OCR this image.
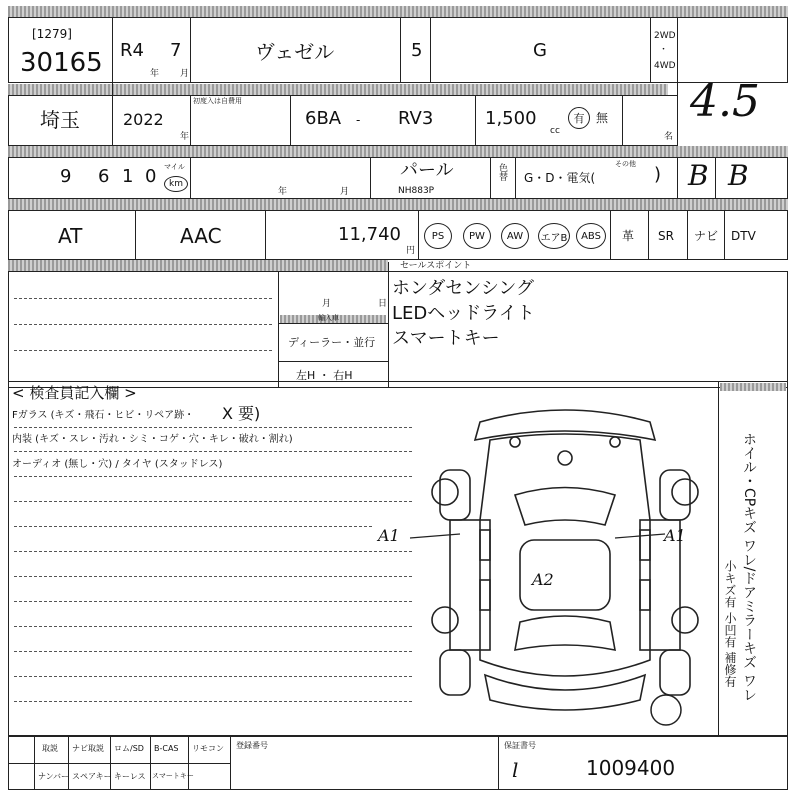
[1279]
30165 R4 7
年 月
ヴェゼル	5	G
2WD
・
4WD
埼玉
初度入は自費用
2022
年
6BA - RV3	1,500
cc
有 無
名
4.5
9 6 1 0 マイル
km
年	月
パール
NH883P
色替 G・D・電気(
その他 ) B B
AT	AAC	11,740
円
PS	PW	AW	エアB	ABS	革 SR ナビ DTV
月	日
輸入車
ディーラー・並行
左H ・ 右H
セールスポイント
ホンダセンシング
LEDヘッドライト
スマートキー
< 検査員記入欄 >
Fガラス (キズ・飛石・ヒビ・リペア跡・ X 要)
内装 (キズ・スレ・汚れ・シミ・コゲ・穴・キレ・破れ・割れ)
オーディオ (無し・穴) / タイヤ (スタッドレス)	ホイル・CPキズ ワレ/ドアミラーキズ ワレ
小キズ有 小凹有 補修有
A1	A1
A2
取説 ナビ取説 ロム/SD B-CAS リモコン
ナンバー スペアキー キーレス スマートキー
登録番号	保証書号
l	1009400
